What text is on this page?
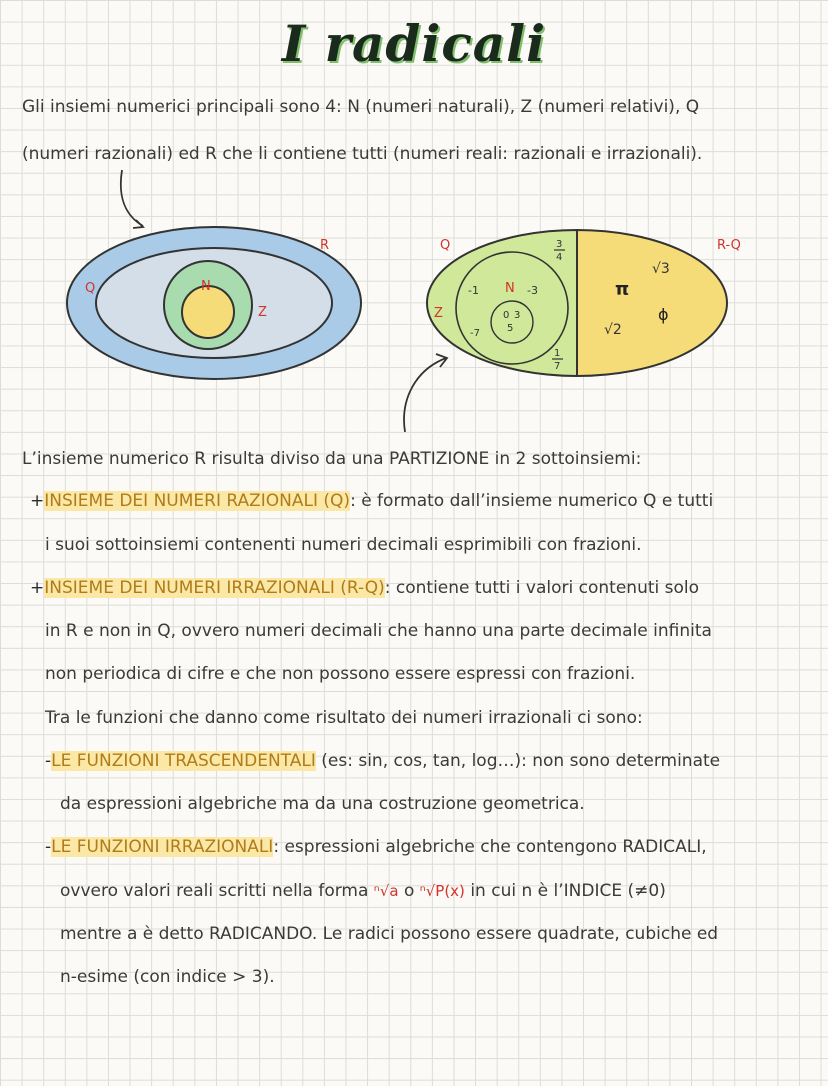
I radicali
Gli insiemi numerici principali sono 4: N (numeri naturali), Z (numeri relativi), Q
(numeri razionali) ed R che li contiene tutti (numeri reali: razionali e irrazionali).
R
Q	N
Z
Q	R-Q
Z
N
-1	-3
-7
0 3
5
3
4
1
7
√3
π
ϕ
√2
L’insieme numerico R risulta diviso da una PARTIZIONE in 2 sottoinsiemi:
+INSIEME DEI NUMERI RAZIONALI (Q): è formato dall’insieme numerico Q e tutti
i suoi sottoinsiemi contenenti numeri decimali esprimibili con frazioni.
+INSIEME DEI NUMERI IRRAZIONALI (R-Q): contiene tutti i valori contenuti solo
in R e non in Q, ovvero numeri decimali che hanno una parte decimale infinita
non periodica di cifre e che non possono essere espressi con frazioni.
Tra le funzioni che danno come risultato dei numeri irrazionali ci sono:
-LE FUNZIONI TRASCENDENTALI (es: sin, cos, tan, log…): non sono determinate
da espressioni algebriche ma da una costruzione geometrica.
-LE FUNZIONI IRRAZIONALI: espressioni algebriche che contengono RADICALI,
ovvero valori reali scritti nella forma ⁿ√a o ⁿ√P(x) in cui n è l’INDICE (≠0)
mentre a è detto RADICANDO. Le radici possono essere quadrate, cubiche ed
n-esime (con indice > 3).
